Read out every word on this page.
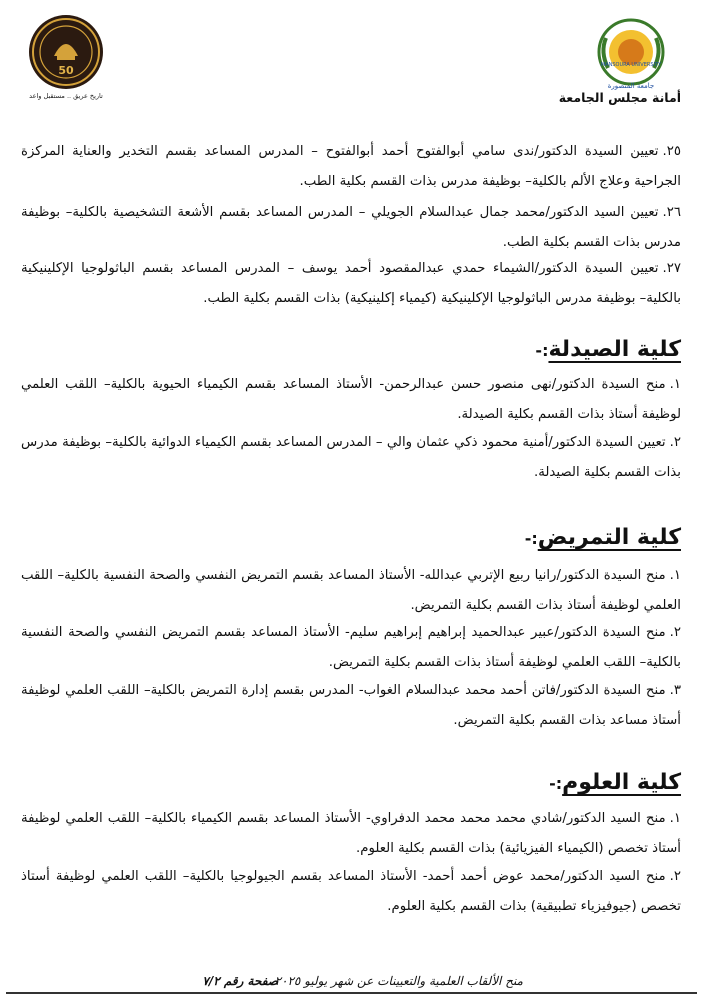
50
تاريخ عريق .. مستقبل واعد
MANSOURA UNIVERSITY
جامعة المنصورة
أمانة مجلس الجامعة
٢٥.تعيين السيدة الدكتور/ندى سامي أبوالفتوح أحمد أبوالفتوح – المدرس المساعد بقسم التخدير والعناية المركزة الجراحية وعلاج الألم بالكلية– بوظيفة مدرس بذات القسم بكلية الطب.
٢٦.تعيين السيد الدكتور/محمد جمال عبدالسلام الجويلي – المدرس المساعد بقسم الأشعة التشخيصية بالكلية– بوظيفة مدرس بذات القسم بكلية الطب.
٢٧.تعيين السيدة الدكتور/الشيماء حمدي عبدالمقصود أحمد يوسف – المدرس المساعد بقسم الباثولوجيا الإكلينيكية بالكلية– بوظيفة مدرس الباثولوجيا الإكلينيكية (كيمياء إكلينيكية) بذات القسم بكلية الطب.
كلية الصيدلة:-
١.منح السيدة الدكتور/نهى منصور حسن عبدالرحمن- الأستاذ المساعد بقسم الكيمياء الحيوية بالكلية– اللقب العلمي لوظيفة أستاذ بذات القسم بكلية الصيدلة.
٢.تعيين السيدة الدكتور/أمنية محمود ذكي عثمان والي – المدرس المساعد بقسم الكيمياء الدوائية بالكلية– بوظيفة مدرس بذات القسم بكلية الصيدلة.
كلية التمريض:-
١.منح السيدة الدكتور/رانيا ربيع الإتربي عبدالله- الأستاذ المساعد بقسم التمريض النفسي والصحة النفسية بالكلية– اللقب العلمي لوظيفة أستاذ بذات القسم بكلية التمريض.
٢.منح السيدة الدكتور/عبير عبدالحميد إبراهيم إبراهيم سليم- الأستاذ المساعد بقسم التمريض النفسي والصحة النفسية بالكلية– اللقب العلمي لوظيفة أستاذ بذات القسم بكلية التمريض.
٣.منح السيدة الدكتور/فاتن أحمد محمد عبدالسلام الغواب- المدرس بقسم إدارة التمريض بالكلية– اللقب العلمي لوظيفة أستاذ مساعد بذات القسم بكلية التمريض.
كلية العلوم:-
١.منح السيد الدكتور/شادي محمد محمد محمد الدفراوي- الأستاذ المساعد بقسم الكيمياء بالكلية– اللقب العلمي لوظيفة أستاذ تخصص (الكيمياء الفيزيائية) بذات القسم بكلية العلوم.
٢.منح السيد الدكتور/محمد عوض أحمد أحمد- الأستاذ المساعد بقسم الجيولوجيا بالكلية– اللقب العلمي لوظيفة أستاذ تخصص (جيوفيزياء تطبيقية) بذات القسم بكلية العلوم.
صفحة رقم ٧/٢
منح الألقاب العلمية والتعيينات عن شهر يوليو ٢٠٢٥
